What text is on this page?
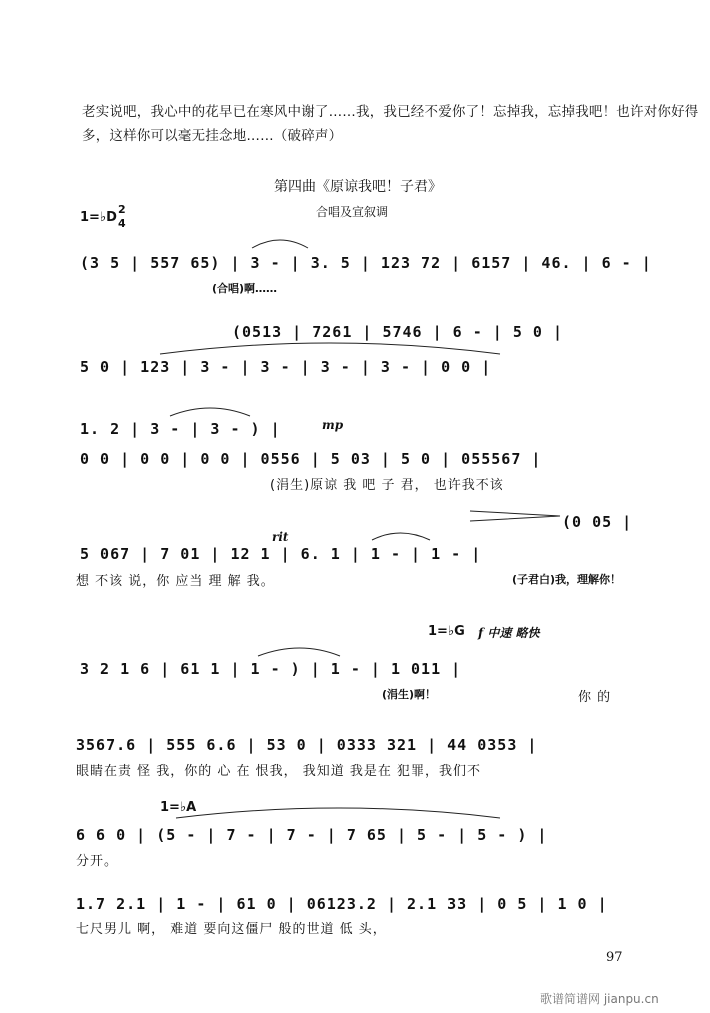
老实说吧，我心中的花早已在寒风中谢了……我，我已经不爱你了！忘掉我，忘掉我吧！也许对你好得
多，这样你可以毫无挂念地……（破碎声）
第四曲《原谅我吧！子君》
合唱及宣叙调
1=♭D
2
4
(3 5 | 557 65) | 3 - | 3. 5 | 123 72 | 6157 | 46. | 6 - |
(合唱)啊……
(0513 | 7261 | 5746 | 6 - | 5 0 |
5 0 | 123 | 3 - | 3 - | 3 - | 3 - | 0 0 |
1. 2 | 3 - | 3 - ) |	mp
0 0 | 0 0 | 0 0 | 0556 | 5 03 | 5 0 | 055567 |
(涓生)原谅 我 吧 子 君， 也许我不该
rit
(0 05 |
5 067 | 7 01 | 12 1 | 6. 1 | 1 - | 1 - |
想 不该 说，你 应当 理 解 我。	(子君白)我，理解你！
1=♭G f 中速 略快
3 2 1 6 | 61 1 | 1 - ) | 1 - | 1 011 |
(涓生)啊！	你 的
3567.6 | 555 6.6 | 53 0 | 0333 321 | 44 0353 |
眼睛在责 怪 我，你的 心 在 恨我， 我知道 我是在 犯罪，我们不
1=♭A
6 6 0 | (5 - | 7 - | 7 - | 7 65 | 5 - | 5 - ) |
分开。
1.7 2.1 | 1 - | 61 0 | 06123.2 | 2.1 33 | 0 5 | 1 0 |
七尺男儿 啊， 难道 要向这僵尸 般的世道 低 头，
97
歌谱简谱网 jianpu.cn
